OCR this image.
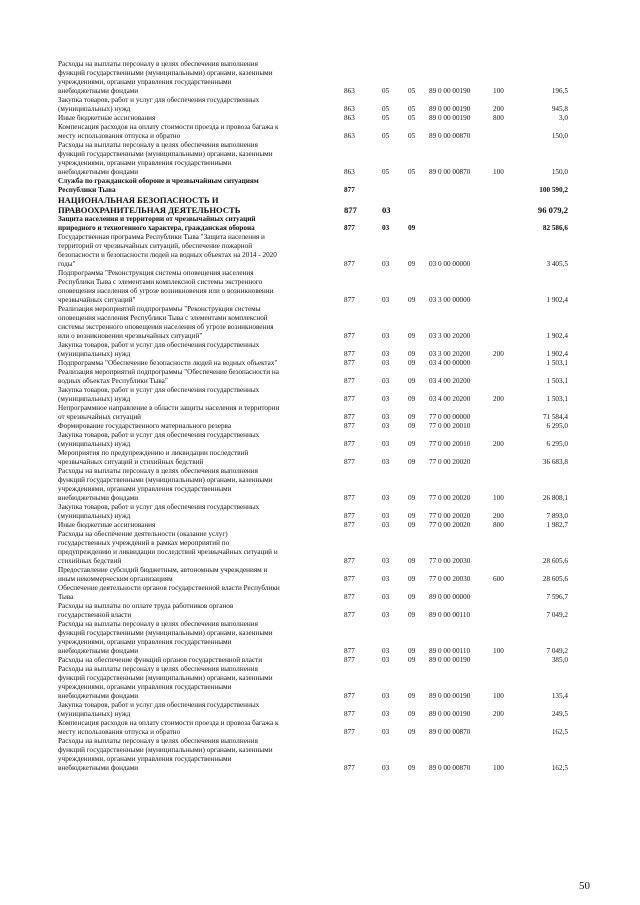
Расходы на выплаты персоналу в целях обеспечения выполнения
функций государственными (муниципальными) органами, казенными
учреждениями, органами управления государственными
внебюджетными фондами	863	05	05 89 0 00 00190	100	196,5
Закупка товаров, работ и услуг для обеспечения государственных
(муниципальных) нужд	863	05	05 89 0 00 00190	200	945,8
Иные бюджетные ассигнования	863	05	05 89 0 00 00190	800	3,0
Компенсация расходов на оплату стоимости проезда и провоза багажа к
месту использования отпуска и обратно	863	05	05 89 0 00 00870	150,0
Расходы на выплаты персоналу в целях обеспечения выполнения
функций государственными (муниципальными) органами, казенными
учреждениями, органами управления государственными
внебюджетными фондами	863	05	05 89 0 00 00870	100	150,0
Служба по гражданской обороне и чрезвычайным ситуациям
Республики Тыва	877	100 590,2
НАЦИОНАЛЬНАЯ БЕЗОПАСНОСТЬ И
ПРАВООХРАНИТЕЛЬНАЯ ДЕЯТЕЛЬНОСТЬ	877	03	96 079,2
Защита населения и территории от чрезвычайных ситуаций
природного и техногенного характера, гражданская оборона	877	03	09	82 586,6
Государственная программа Республики Тыва "Защита населения и
территорий от чрезвычайных ситуаций, обеспечение пожарной
безопасности и безопасности людей на водных объектах на 2014 - 2020
годы"	877	03	09 03 0 00 00000	3 405,5
Подпрограмма "Реконструкция системы оповещения населения
Республики Тыва с элементами комплексной системы экстренного
оповещения населения об угрозе возникновения или о возникновении
чрезвычайных ситуаций"	877	03	09 03 3 00 00000	1 902,4
Реализация мероприятий подпрограммы "Реконструкция системы
оповещения населения Республики Тыва с элементами комплексной
системы экстренного оповещения населения об угрозе возникновения
или о возникновении чрезвычайных ситуаций"	877	03	09 03 3 00 20200	1 902,4
Закупка товаров, работ и услуг для обеспечения государственных
(муниципальных) нужд	877	03	09 03 3 00 20200	200	1 902,4
Подпрограмма "Обеспечение безопасности людей на водных объектах"	877	03	09 03 4 00 00000	1 503,1
Реализация мероприятий подпрограммы "Обеспечение безопасности на
водных объектах Республики Тыва"	877	03	09 03 4 00 20200	1 503,1
Закупка товаров, работ и услуг для обеспечения государственных
(муниципальных) нужд	877	03	09 03 4 00 20200	200	1 503,1
Непрограммное направление в области защиты населения и территории
от чрезвычайных ситуаций	877	03	09 77 0 00 00000	71 584,4
Формирование государственного материального резерва	877	03	09 77 0 00 20010	6 295,0
Закупка товаров, работ и услуг для обеспечения государственных
(муниципальных) нужд	877	03	09 77 0 00 20010	200	6 295,0
Мероприятия по предупреждению и ликвидации последствий
чрезвычайных ситуаций и стихийных бедствий	877	03	09 77 0 00 20020	36 683,8
Расходы на выплаты персоналу в целях обеспечения выполнения
функций государственными (муниципальными) органами, казенными
учреждениями, органами управления государственными
внебюджетными фондами	877	03	09 77 0 00 20020	100	26 808,1
Закупка товаров, работ и услуг для обеспечения государственных
(муниципальных) нужд	877	03	09 77 0 00 20020	200	7 893,0
Иные бюджетные ассигнования	877	03	09 77 0 00 20020	800	1 982,7
Расходы на обеспечение деятельности (оказание услуг)
государственных учреждений в рамках мероприятий по
предупреждению и ликвидации последствий чрезвычайных ситуаций и
стихийных бедствий	877	03	09 77 0 00 20030	28 605,6
Предоставление субсидий бюджетным, автономным учреждениям и
иным некоммерческим организациям	877	03	09 77 0 00 20030	600	28 605,6
Обеспечение деятельности органов государственной власти Республики
Тыва	877	03	09 89 0 00 00000	7 596,7
Расходы на выплаты по оплате труда работников органов
государственной власти	877	03	09 89 0 00 00110	7 049,2
Расходы на выплаты персоналу в целях обеспечения выполнения
функций государственными (муниципальными) органами, казенными
учреждениями, органами управления государственными
внебюджетными фондами	877	03	09 89 0 00 00110	100	7 049,2
Расходы на обеспечение функций органов государственной власти	877	03	09 89 0 00 00190	385,0
Расходы на выплаты персоналу в целях обеспечения выполнения
функций государственными (муниципальными) органами, казенными
учреждениями, органами управления государственными
внебюджетными фондами	877	03	09 89 0 00 00190	100	135,4
Закупка товаров, работ и услуг для обеспечения государственных
(муниципальных) нужд	877	03	09 89 0 00 00190	200	249,5
Компенсация расходов на оплату стоимости проезда и провоза багажа к
месту использования отпуска и обратно	877	03	09 89 0 00 00870	162,5
Расходы на выплаты персоналу в целях обеспечения выполнения
функций государственными (муниципальными) органами, казенными
учреждениями, органами управления государственными
внебюджетными фондами	877	03	09 89 0 00 00870	100	162,5
50
